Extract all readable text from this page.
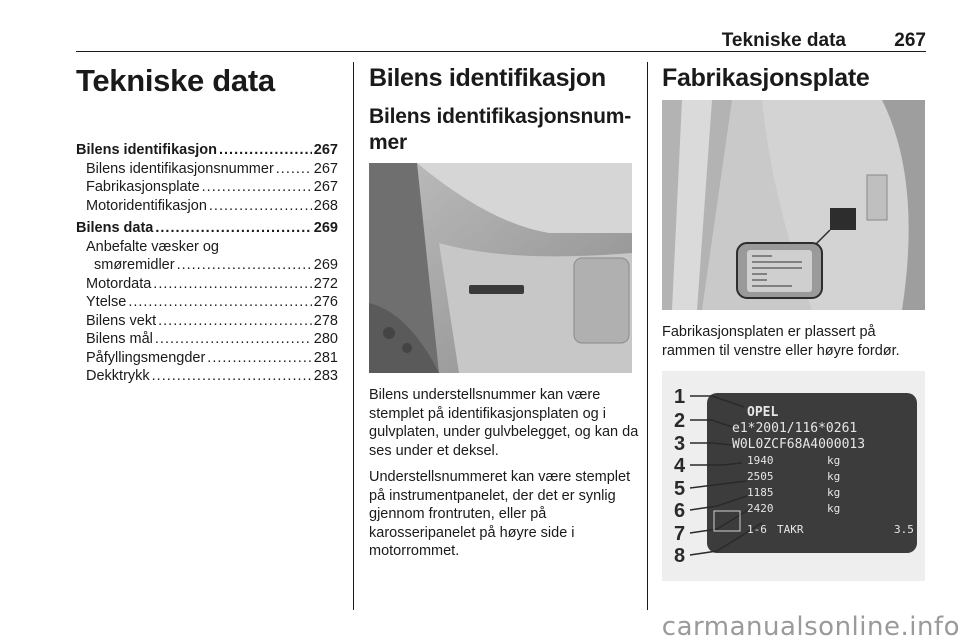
Tekniske data	267
Tekniske data
Bilens identifikasjon .....	267
Bilens identifikasjonsnummer .....	267
Fabrikasjonsplate .....	267
Motoridentifikasjon .....	268
Bilens data .....	269
Anbefalte væsker og
smøremidler .....	269
Motordata .....	272
Ytelse .....	276
Bilens vekt .....	278
Bilens mål .....	280
Påfyllingsmengder .....	281
Dekktrykk .....	283
Bilens identifikasjon
Bilens identifikasjonsnum-
mer

Bilens understellsnummer kan være stemplet på identifikasjonsplaten og i gulvplaten, under gulvbelegget, og kan da ses under et deksel.

Understellsnummeret kan være stemplet på instrumentpanelet, der det er synlig gjennom frontruten, eller på karosseripanelet på høyre side i motorrommet.

Fabrikasjonsplate

Fabrikasjonsplaten er plassert på rammen til venstre eller høyre fordør.

1
2
3
4
5
6
7
8
OPEL
e1*2001/116*0261
W0L0ZCF68A4000013
1940
2505
1185
2420
kg
kg
kg
kg
1-6 TAKR	3.5
carmanualsonline.info
